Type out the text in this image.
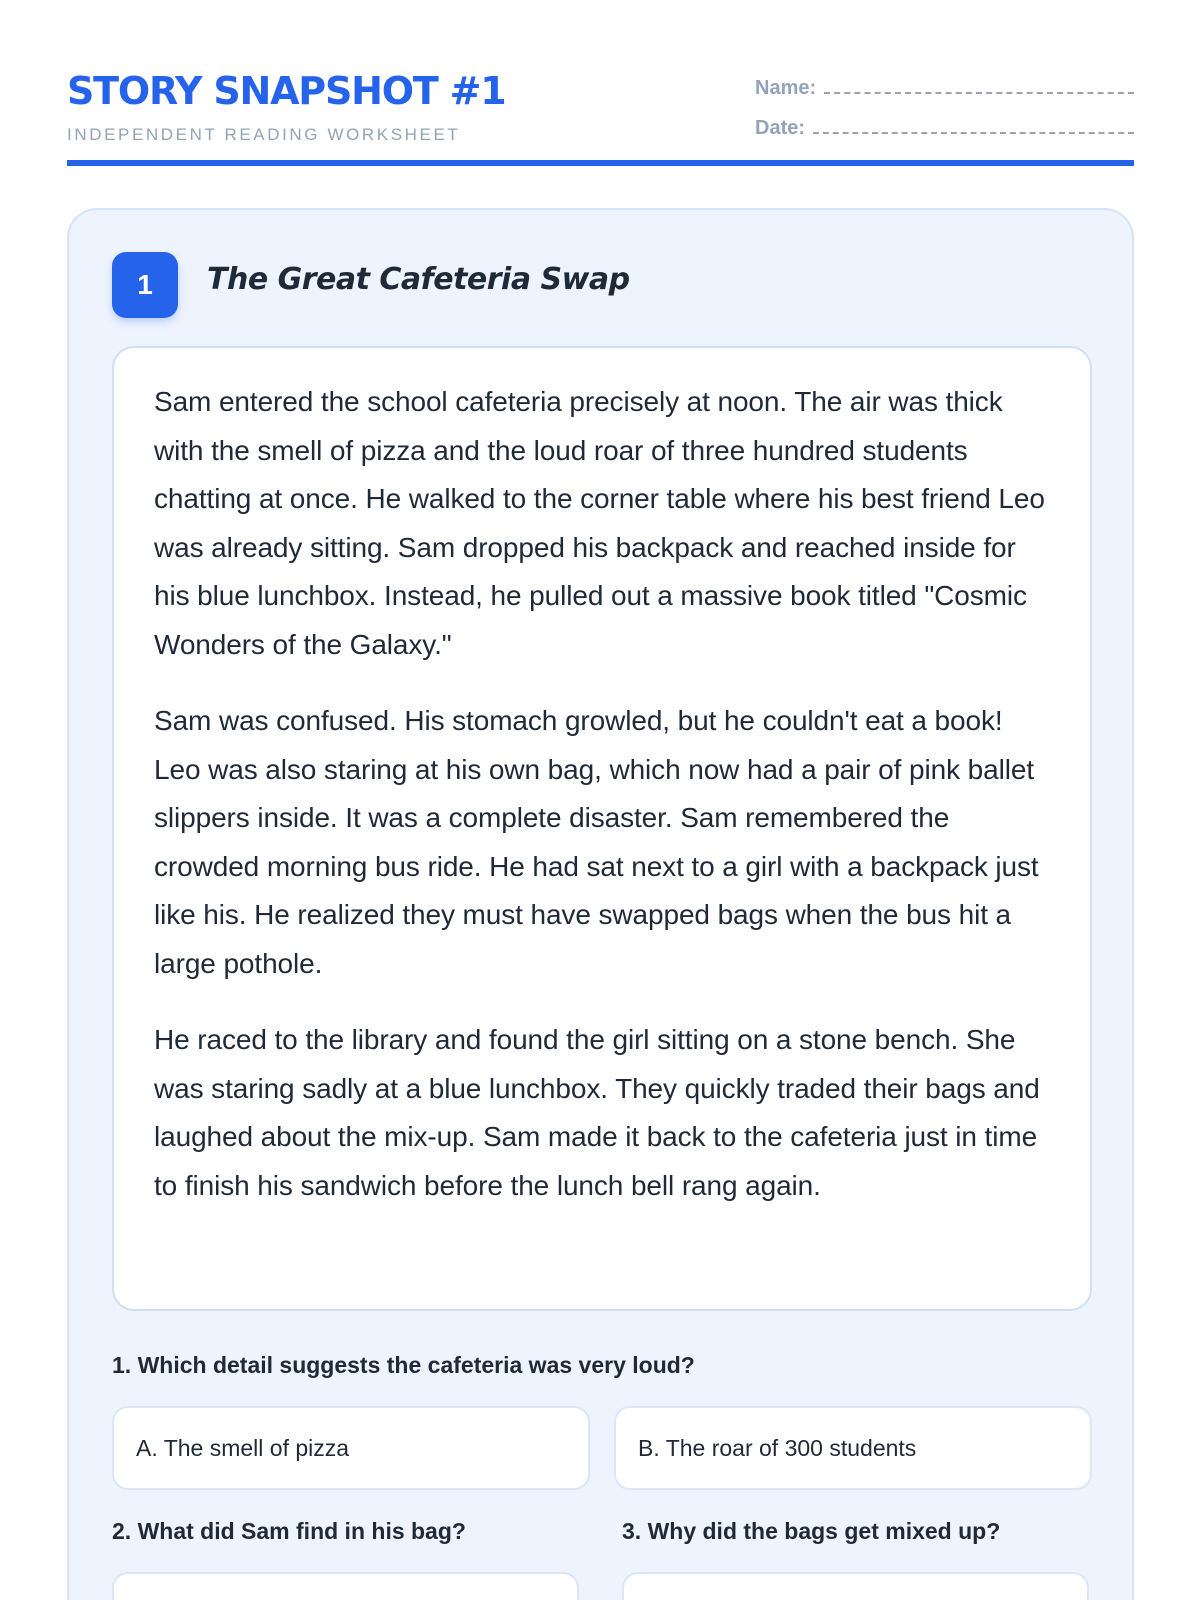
STORY SNAPSHOT #1
INDEPENDENT READING WORKSHEET
Name:
Date:
1	The Great Cafeteria Swap

Sam entered the school cafeteria precisely at noon. The air was thick with the smell of pizza and the loud roar of three hundred students chatting at once. He walked to the corner table where his best friend Leo was already sitting. Sam dropped his backpack and reached inside for his blue lunchbox. Instead, he pulled out a massive book titled "Cosmic Wonders of the Galaxy."

Sam was confused. His stomach growled, but he couldn't eat a book! Leo was also staring at his own bag, which now had a pair of pink ballet slippers inside. It was a complete disaster. Sam remembered the crowded morning bus ride. He had sat next to a girl with a backpack just like his. He realized they must have swapped bags when the bus hit a large pothole.

He raced to the library and found the girl sitting on a stone bench. She was staring sadly at a blue lunchbox. They quickly traded their bags and laughed about the mix-up. Sam made it back to the cafeteria just in time to finish his sandwich before the lunch bell rang again.

1. Which detail suggests the cafeteria was very loud?
A. The smell of pizza	B. The roar of 300 students
2. What did Sam find in his bag?	3. Why did the bags get mixed up?
